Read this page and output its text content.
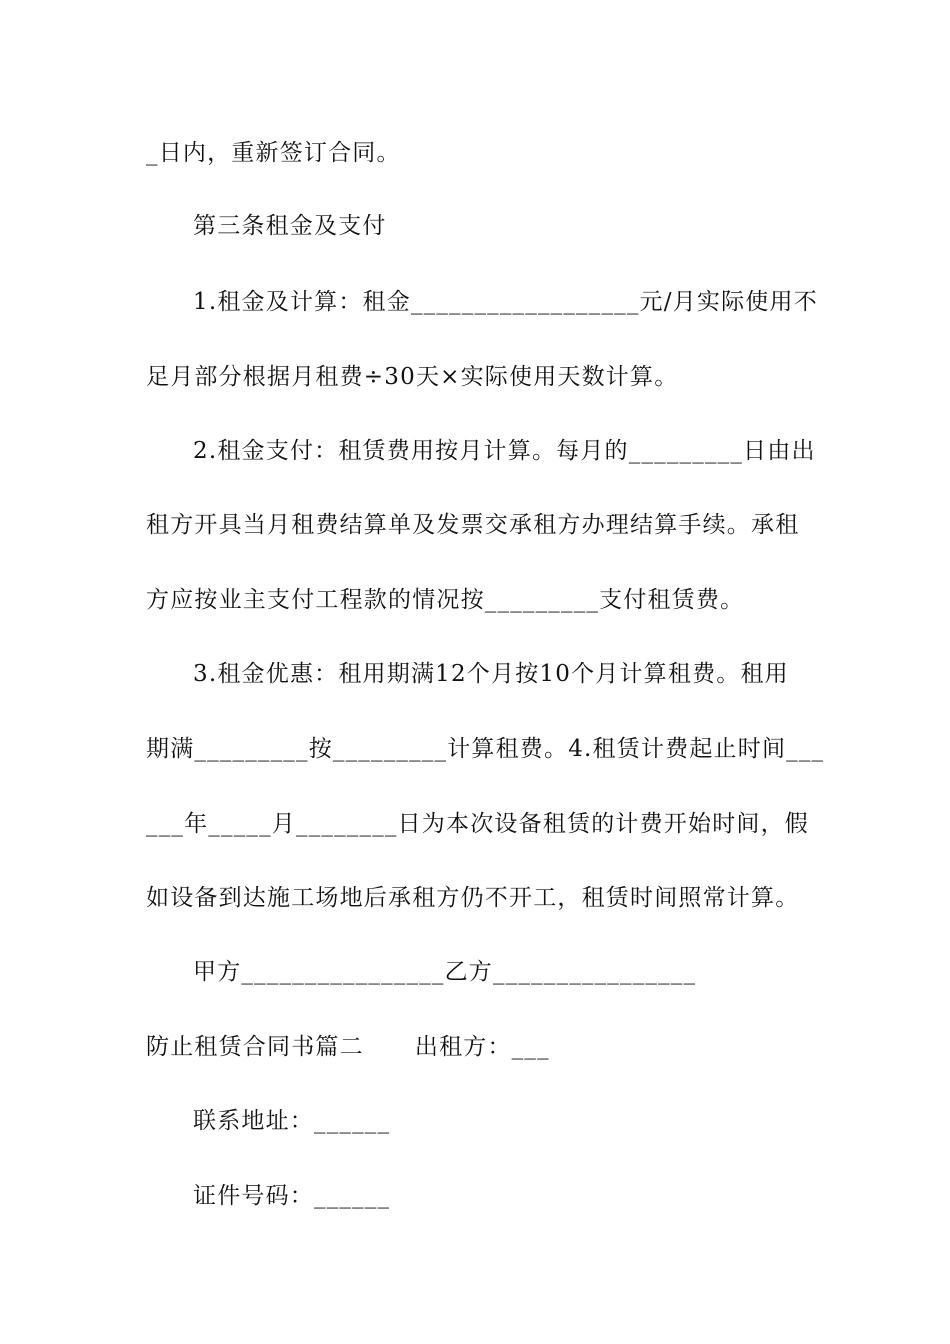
_日内，重新签订合同。
第三条租金及支付
1.租金及计算：租金__________________元/月实际使用不
足月部分根据月租费÷30天×实际使用天数计算。
2.租金支付：租赁费用按月计算。每月的_________日由出
租方开具当月租费结算单及发票交承租方办理结算手续。承租
方应按业主支付工程款的情况按_________支付租赁费。
3.租金优惠：租用期满12个月按10个月计算租费。租用
期满_________按_________计算租费。4.租赁计费起止时间___
___年_____月________日为本次设备租赁的计费开始时间，假
如设备到达施工场地后承租方仍不开工，租赁时间照常计算。
甲方________________乙方________________
防止租赁合同书篇二      出租方：___
联系地址：______
证件号码：______
